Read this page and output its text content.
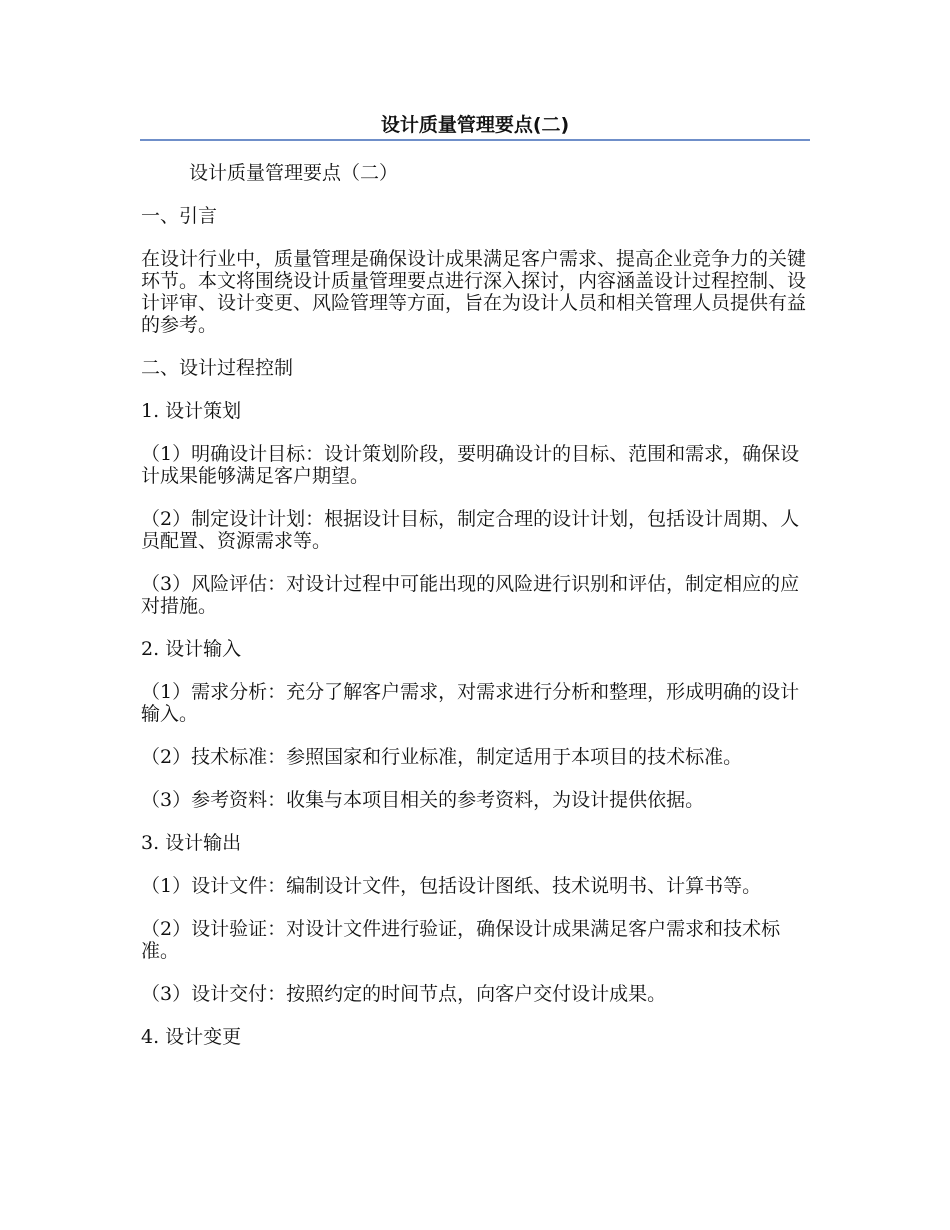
设计质量管理要点(二)

设计质量管理要点（二）

一、引言

在设计行业中，质量管理是确保设计成果满足客户需求、提高企业竞争力的关键环节。本文将围绕设计质量管理要点进行深入探讨，内容涵盖设计过程控制、设计评审、设计变更、风险管理等方面，旨在为设计人员和相关管理人员提供有益的参考。

二、设计过程控制

1. 设计策划

（1）明确设计目标：设计策划阶段，要明确设计的目标、范围和需求，确保设计成果能够满足客户期望。

（2）制定设计计划：根据设计目标，制定合理的设计计划，包括设计周期、人员配置、资源需求等。

（3）风险评估：对设计过程中可能出现的风险进行识别和评估，制定相应的应对措施。

2. 设计输入

（1）需求分析：充分了解客户需求，对需求进行分析和整理，形成明确的设计输入。

（2）技术标准：参照国家和行业标准，制定适用于本项目的技术标准。

（3）参考资料：收集与本项目相关的参考资料，为设计提供依据。

3. 设计输出

（1）设计文件：编制设计文件，包括设计图纸、技术说明书、计算书等。

（2）设计验证：对设计文件进行验证，确保设计成果满足客户需求和技术标准。

（3）设计交付：按照约定的时间节点，向客户交付设计成果。

4. 设计变更
